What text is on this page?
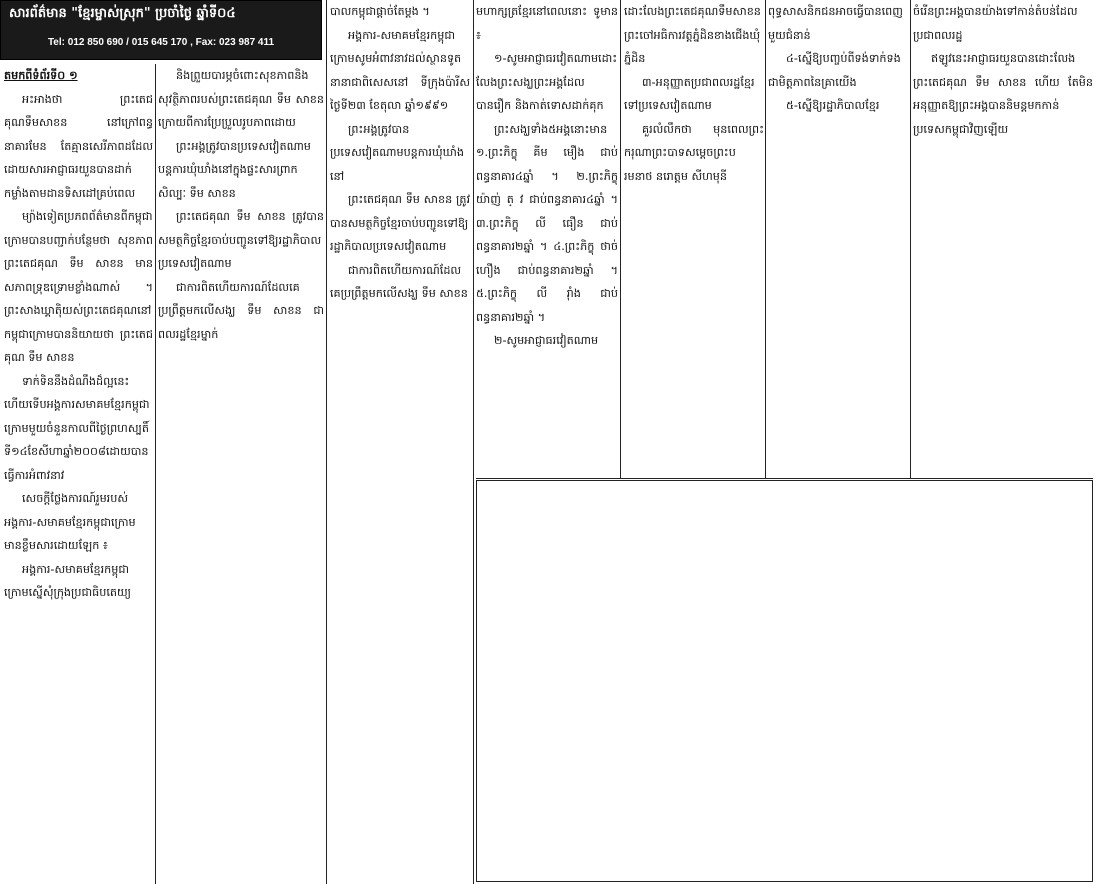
សារព័ត៌មាន "ខ្មែរម្ចាស់ស្រុក" ប្រចាំថ្ងៃ ឆ្នាំទី០៤
Tel: 012 850 690 / 015 645 170 , Fax: 023 987 411

តមកពីទំព័រទី០ ១

អះអាងថា ព្រះតេជគុណទឹមសាខន នៅក្រៅពន្ធនាគារមែន តែគ្មានសេរីភាពដដែល ដោយសារអាជ្ញាធរយួនបានដាក់កម្លាំងតាមដានទិសដៅគ្រប់ពេល

ម្យ៉ាងទៀតប្រភពព័ត៌មានពីកម្ពុជាក្រោមបានបញ្ជាក់បន្ថែមថា សុខភាពព្រះតេជគុណ ទឹម សាខន មានសភាពទ្រុឌទ្រោមខ្លាំងណាស់ ។ព្រះសាងឃ្គាតុិយស់ព្រះតេជគុណនៅកម្ពុជាក្រោមបាននិយាយថា ព្រះតេជគុណ ទឹម សាខន

ទាក់ទិននឹងដំណឹងដ៏ល្អនេះ ហើយទើបអង្គការសមាគមខ្មែរកម្ពុជាក្រោមមួយចំនួនកាលពីថ្ងៃព្រហស្បតិ៍ ទី១៤ខែសីហាឆ្នាំ២០០៨ដោយបានធ្វើការអំពាវនាវ

សេចក្តីថ្លែងការណ៍រួមរបស់អង្គការ-សមាគមខ្មែរកម្ពុជាក្រោមមានខ្លឹមសារដោយឡែក ៖

អង្គការ-សមាគមខ្មែរកម្ពុជាក្រោមស្នើសុំក្រុងប្រជាធិបតេយ្យ

និងព្រួយបារម្ភចំពោះសុខភាពនិងសុវត្ថិភាពរបស់ព្រះតេជគុណ ទឹម សាខន ក្រោយពីការប្រែប្រួលរូបភាពដោយ

ព្រះអង្គត្រូវបានប្រទេសវៀតណាមបន្តការឃុំឃាំងនៅក្នុងផ្ទះសារព្រាកសិល្បៈ ទឹម សាខន

ព្រះតេជគុណ ទឹម សាខន ត្រូវបានសមត្ថកិច្ចខ្មែរចាប់បញ្ជូនទៅឱ្យរដ្ឋាភិបាលប្រទេសវៀតណាម

ជាការពិតហើយការណ៍ដែលគេប្រព្រឹត្តមកលើសង្ឃ ទឹម សាខន ជាពលរដ្ឋខ្មែរម្នាក់

បាលកម្ពុជាផ្តាច់តែម្តង ។

អង្គការ-សមាគមខ្មែរកម្ពុជាក្រោមសូមអំពាវនាវដល់ស្ថានទូតនានាជាពិសេសនៅ ទីក្រុងប៉ារីស ថ្ងៃទី២៣ ខែតុលា ឆ្នាំ១៩៩១

ព្រះអង្គត្រូវបានប្រទេសវៀតណាមបន្តការឃុំឃាំងនៅ

ព្រះតេជគុណ ទឹម សាខន ត្រូវបានសមត្ថកិច្ចខ្មែរចាប់បញ្ជូនទៅឱ្យរដ្ឋាភិបាលប្រទេសវៀតណាម

ជាការពិតហើយការណ៍ដែលគេប្រព្រឹត្តមកលើសង្ឃ ទឹម សាខន

មហាក្សត្រខ្មែរនៅពេលនោះ ទូមាន ៖

១-សូមអាជ្ញាធរវៀតណាមដោះលែងព្រះសង្ឃព្រះអង្គដែលបានរឿក និងកាត់ទោសដាក់គុក

ព្រះសង្ឃទាំង៥អង្គនោះមាន

១.ព្រះភិក្ខុ គីម មឿង ជាប់ពន្ធនាគារ៤ឆ្នាំ ។ ២.ព្រះភិក្ខុ យ៉ាញ់ ត្ វ ជាប់ពន្ធនាគារ៤ឆ្នាំ ។ ៣.ព្រះភិក្ខុ លី ធឿន ជាប់ពន្ធនាគារ២ឆ្នាំ ។ ៤.ព្រះភិក្ខុ ថាច់ ហឿង ជាប់ពន្ធនាគារ២ឆ្នាំ ។ ៥.ព្រះភិក្ខុ លី រ៉ាំង ជាប់ពន្ធនាគារ២ឆ្នាំ ។

២-សូមអាជ្ញាធរវៀតណាម

ដោះលែងព្រះតេជគុណទឹមសាខន ព្រះចៅអធិការវត្តភ្នំដិនខាងជើងឃុំភ្នំដិន

៣-អនុញ្ញាតប្រជាពលរដ្ឋខ្មែរទៅប្រទេសវៀតណាម

គួរលំលឹកថា មុនពេលព្រះករុណាព្រះបាទសម្តេចព្រះបរមនាថ នរោត្តម សីហមុនី

ពុទ្ធសាសនិកជនអាចធ្វើបានពេញមួយជំនាន់

៤-ស្នើឱ្យបញ្ចប់ពីទង់ទាក់ទង ជាមិត្តភាពនៃគ្រាយើង

៥-ស្នើឱ្យរដ្ឋាភិបាលខ្មែរ

ចំរើនព្រះអង្គបានយ៉ាងទៅកាន់តំបន់ដែលប្រជាពលរដ្ឋ

ឥឡូវនេះអាជ្ញាធរយួនបានដោះលែងព្រះតេជគុណ ទឹម សាខន ហើយ តែមិនអនុញ្ញាតឱ្យព្រះអង្គបាននិមន្តមកកាន់ប្រទេសកម្ពុជាវិញឡើយ
